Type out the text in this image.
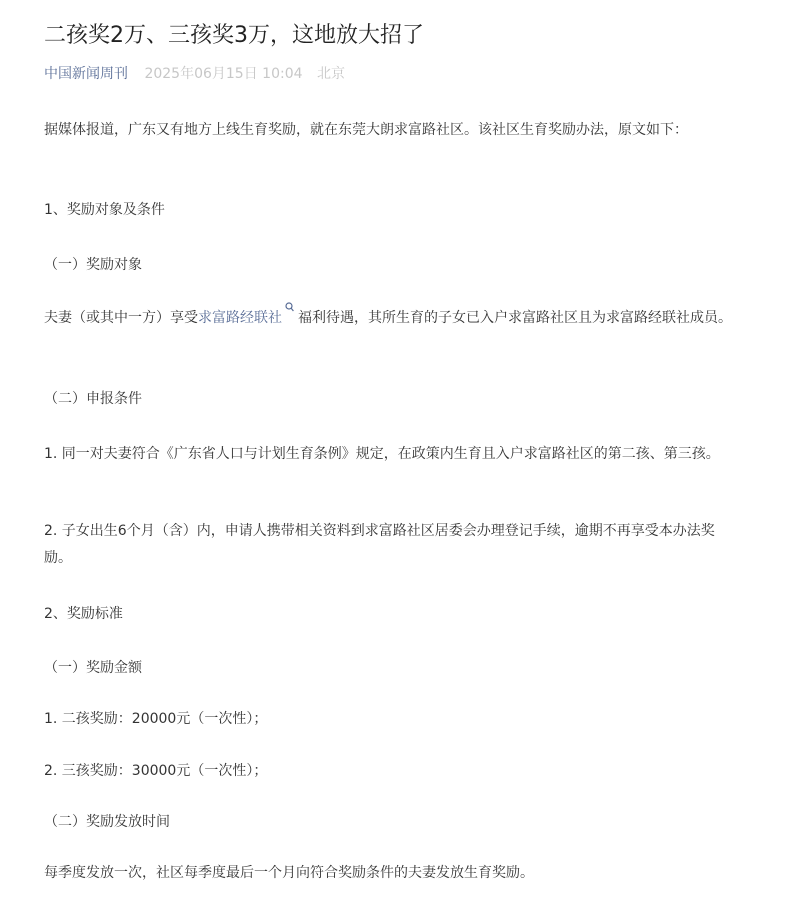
二孩奖2万、三孩奖3万，这地放大招了
中国新闻周刊 2025年06月15日 10:04 北京

据媒体报道，广东又有地方上线生育奖励，就在东莞大朗求富路社区。该社区生育奖励办法，原文如下：

1、奖励对象及条件

（一）奖励对象

夫妻（或其中一方）享受求富路经联社 福利待遇，其所生育的子女已入户求富路社区且为求富路经联社成员。

（二）申报条件

1. 同一对夫妻符合《广东省人口与计划生育条例》规定，在政策内生育且入户求富路社区的第二孩、第三孩。

2. 子女出生6个月（含）内，申请人携带相关资料到求富路社区居委会办理登记手续，逾期不再享受本办法奖励。

2、奖励标准

（一）奖励金额

1. 二孩奖励：20000元（一次性）；

2. 三孩奖励：30000元（一次性）；

（二）奖励发放时间

每季度发放一次，社区每季度最后一个月向符合奖励条件的夫妻发放生育奖励。
